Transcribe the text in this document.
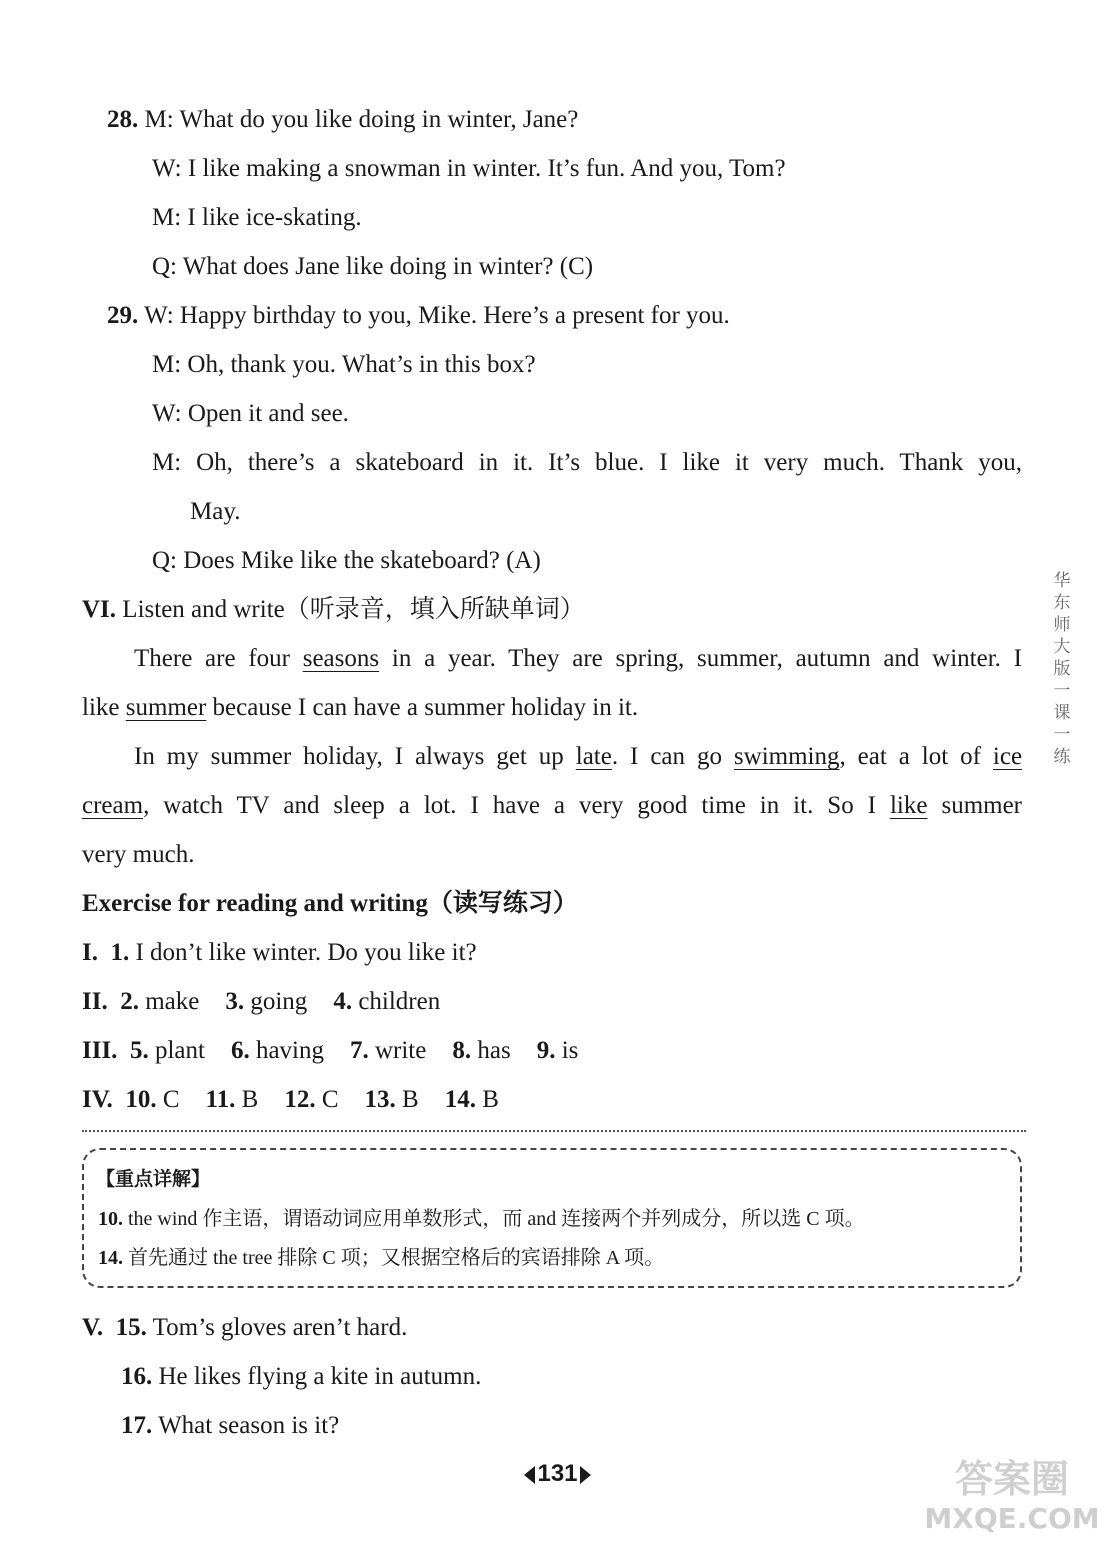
28. M: What do you like doing in winter, Jane?
W: I like making a snowman in winter. It’s fun. And you, Tom?
M: I like ice-skating.
Q: What does Jane like doing in winter? (C)
29. W: Happy birthday to you, Mike. Here’s a present for you.
M: Oh, thank you. What’s in this box?
W: Open it and see.
M: Oh, there’s a skateboard in it. It’s blue. I like it very much. Thank you,
May.
Q: Does Mike like the skateboard? (A)
VI. Listen and write（听录音，填入所缺单词）
There are four seasons in a year. They are spring, summer, autumn and winter. I
like summer because I can have a summer holiday in it.
In my summer holiday, I always get up late. I can go swimming, eat a lot of ice
cream, watch TV and sleep a lot. I have a very good time in it. So I like summer
very much.
Exercise for reading and writing（读写练习）
I. 1. I don’t like winter. Do you like it?
II. 2. make 3. going 4. children
III. 5. plant 6. having 7. write 8. has 9. is
IV. 10. C 11. B 12. C 13. B 14. B
【重点详解】
10. the wind 作主语，谓语动词应用单数形式，而 and 连接两个并列成分，所以选 C 项。
14. 首先通过 the tree 排除 C 项；又根据空格后的宾语排除 A 项。
V. 15. Tom’s gloves aren’t hard.
16. He likes flying a kite in autumn.
17. What season is it?
华东师大版一课一练
131	答案圈
MXQE.COM
